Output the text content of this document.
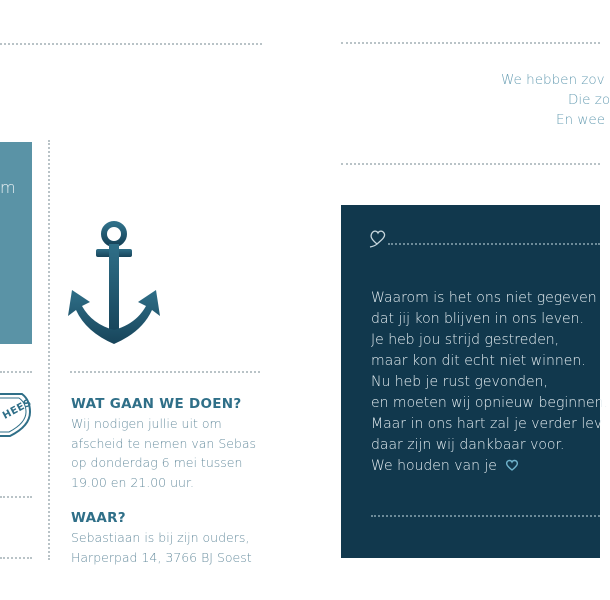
m
HEES	WAT GAAN WE DOEN?
Wij nodigen jullie uit om
afscheid te nemen van Sebas
op donderdag 6 mei tussen
19.00 en 21.00 uur.
WAAR?
Sebastiaan is bij zijn ouders,
Harperpad 14, 3766 BJ Soest
We hebben zov
Die zo
En wee
Waarom is het ons niet gegeven
dat jij kon blijven in ons leven.
Je heb jou strijd gestreden,
maar kon dit echt niet winnen.
Nu heb je rust gevonden,
en moeten wij opnieuw beginnen.
Maar in ons hart zal je verder lev
daar zijn wij dankbaar voor.
We houden van je
